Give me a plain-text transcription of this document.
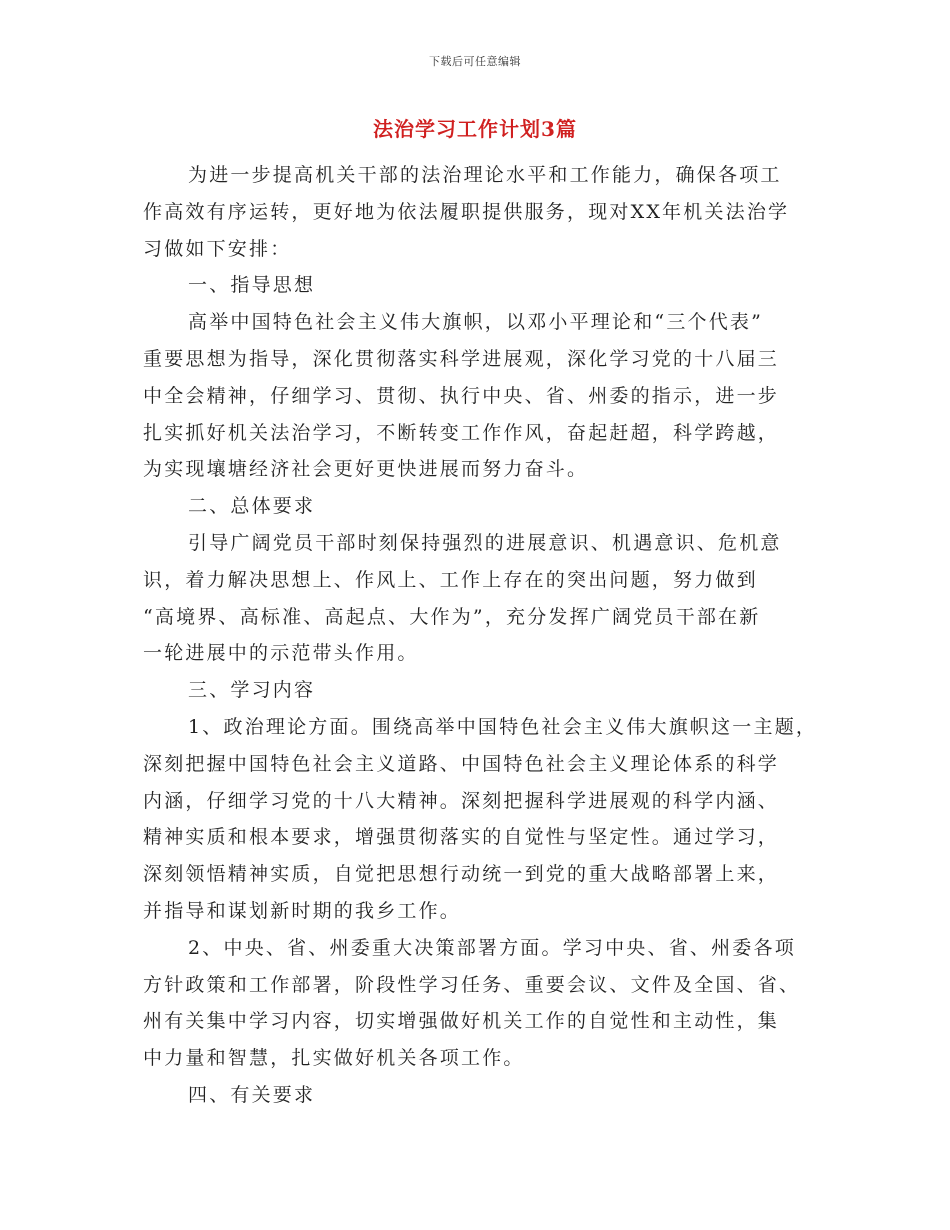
下载后可任意编辑
法治学习工作计划3篇
为进一步提高机关干部的法治理论水平和工作能力，确保各项工
作高效有序运转，更好地为依法履职提供服务，现对XX年机关法治学
习做如下安排：
一、指导思想
高举中国特色社会主义伟大旗帜，以邓小平理论和“三个代表”
重要思想为指导，深化贯彻落实科学进展观，深化学习党的十八届三
中全会精神，仔细学习、贯彻、执行中央、省、州委的指示，进一步
扎实抓好机关法治学习，不断转变工作作风，奋起赶超，科学跨越，
为实现壤塘经济社会更好更快进展而努力奋斗。
二、总体要求
引导广阔党员干部时刻保持强烈的进展意识、机遇意识、危机意
识，着力解决思想上、作风上、工作上存在的突出问题，努力做到
“高境界、高标准、高起点、大作为”，充分发挥广阔党员干部在新
一轮进展中的示范带头作用。
三、学习内容
1、政治理论方面。围绕高举中国特色社会主义伟大旗帜这一主题，
深刻把握中国特色社会主义道路、中国特色社会主义理论体系的科学
内涵，仔细学习党的十八大精神。深刻把握科学进展观的科学内涵、
精神实质和根本要求，增强贯彻落实的自觉性与坚定性。通过学习，
深刻领悟精神实质，自觉把思想行动统一到党的重大战略部署上来，
并指导和谋划新时期的我乡工作。
2、中央、省、州委重大决策部署方面。学习中央、省、州委各项
方针政策和工作部署，阶段性学习任务、重要会议、文件及全国、省、
州有关集中学习内容，切实增强做好机关工作的自觉性和主动性，集
中力量和智慧，扎实做好机关各项工作。
四、有关要求
